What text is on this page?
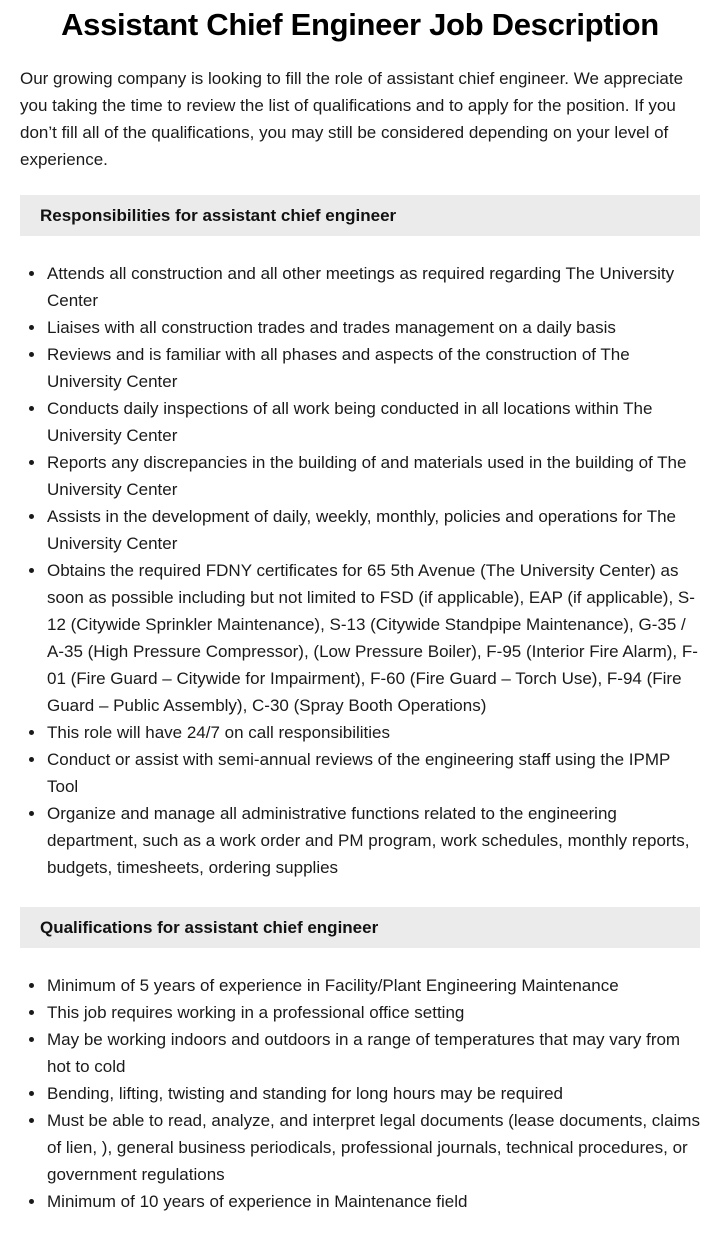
Assistant Chief Engineer Job Description

Our growing company is looking to fill the role of assistant chief engineer. We appreciate you taking the time to review the list of qualifications and to apply for the position. If you don’t fill all of the qualifications, you may still be considered depending on your level of experience.

Responsibilities for assistant chief engineer
• Attends all construction and all other meetings as required regarding The University Center
• Liaises with all construction trades and trades management on a daily basis
• Reviews and is familiar with all phases and aspects of the construction of The University Center
• Conducts daily inspections of all work being conducted in all locations within The University Center
• Reports any discrepancies in the building of and materials used in the building of The University Center
• Assists in the development of daily, weekly, monthly, policies and operations for The University Center
• Obtains the required FDNY certificates for 65 5th Avenue (The University Center) as soon as possible including but not limited to FSD (if applicable), EAP (if applicable), S-12 (Citywide Sprinkler Maintenance), S-13 (Citywide Standpipe Maintenance), G-35 / A-35 (High Pressure Compressor), (Low Pressure Boiler), F-95 (Interior Fire Alarm), F-01 (Fire Guard – Citywide for Impairment), F-60 (Fire Guard – Torch Use), F-94 (Fire Guard – Public Assembly), C-30 (Spray Booth Operations)
• This role will have 24/7 on call responsibilities
• Conduct or assist with semi-annual reviews of the engineering staff using the IPMP Tool
• Organize and manage all administrative functions related to the engineering department, such as a work order and PM program, work schedules, monthly reports, budgets, timesheets, ordering supplies
Qualifications for assistant chief engineer
• Minimum of 5 years of experience in Facility/Plant Engineering Maintenance
• This job requires working in a professional office setting
• May be working indoors and outdoors in a range of temperatures that may vary from hot to cold
• Bending, lifting, twisting and standing for long hours may be required
• Must be able to read, analyze, and interpret legal documents (lease documents, claims of lien, ), general business periodicals, professional journals, technical procedures, or government regulations
• Minimum of 10 years of experience in Maintenance field
